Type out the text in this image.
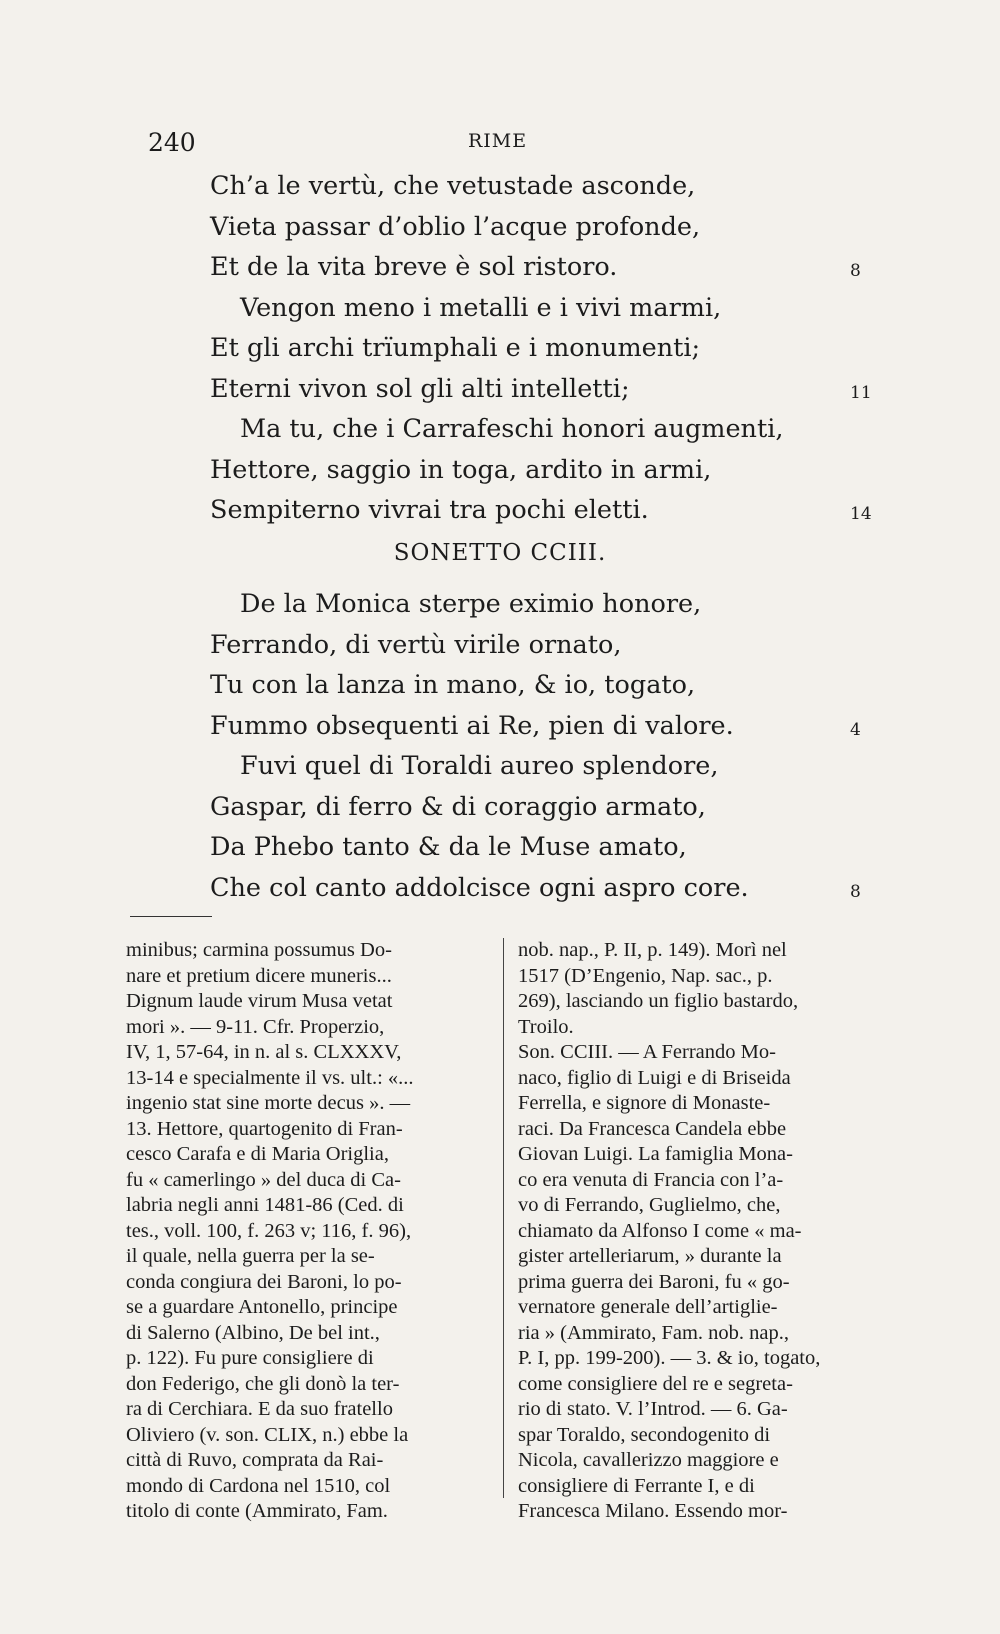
240	RIME
Ch’a le vertù, che vetustade asconde,
Vieta passar d’oblio l’acque profonde,
Et de la vita breve è sol ristoro.	8
Vengon meno i metalli e i vivi marmi,
Et gli archi trïumphali e i monumenti;
Eterni vivon sol gli alti intelletti;	11
Ma tu, che i Carrafeschi honori augmenti,
Hettore, saggio in toga, ardito in armi,
Sempiterno vivrai tra pochi eletti.	14
SONETTO CCIII.
De la Monica sterpe eximio honore,
Ferrando, di vertù virile ornato,
Tu con la lanza in mano, & io, togato,
Fummo obsequenti ai Re, pien di valore.	4
Fuvi quel di Toraldi aureo splendore,
Gaspar, di ferro & di coraggio armato,
Da Phebo tanto & da le Muse amato,
Che col canto addolcisce ogni aspro core.	8
minibus; carmina possumus Do-
nare et pretium dicere muneris...
Dignum laude virum Musa vetat
mori ». — 9-11. Cfr. Properzio,
IV, 1, 57-64, in n. al s. CLXXXV,
13-14 e specialmente il vs. ult.: «...
ingenio stat sine morte decus ». —
13. Hettore, quartogenito di Fran-
cesco Carafa e di Maria Origlia,
fu « camerlingo » del duca di Ca-
labria negli anni 1481-86 (Ced. di
tes., voll. 100, f. 263 v; 116, f. 96),
il quale, nella guerra per la se-
conda congiura dei Baroni, lo po-
se a guardare Antonello, principe
di Salerno (Albino, De bel int.,
p. 122). Fu pure consigliere di
don Federigo, che gli donò la ter-
ra di Cerchiara. E da suo fratello
Oliviero (v. son. CLIX, n.) ebbe la
città di Ruvo, comprata da Rai-
mondo di Cardona nel 1510, col
titolo di conte (Ammirato, Fam.
nob. nap., P. II, p. 149). Morì nel
1517 (D’Engenio, Nap. sac., p.
269), lasciando un figlio bastardo,
Troilo.
Son. CCIII. — A Ferrando Mo-
naco, figlio di Luigi e di Briseida
Ferrella, e signore di Monaste-
raci. Da Francesca Candela ebbe
Giovan Luigi. La famiglia Mona-
co era venuta di Francia con l’a-
vo di Ferrando, Guglielmo, che,
chiamato da Alfonso I come « ma-
gister artelleriarum, » durante la
prima guerra dei Baroni, fu « go-
vernatore generale dell’artiglie-
ria » (Ammirato, Fam. nob. nap.,
P. I, pp. 199-200). — 3. & io, togato,
come consigliere del re e segreta-
rio di stato. V. l’Introd. — 6. Ga-
spar Toraldo, secondogenito di
Nicola, cavallerizzo maggiore e
consigliere di Ferrante I, e di
Francesca Milano. Essendo mor-
